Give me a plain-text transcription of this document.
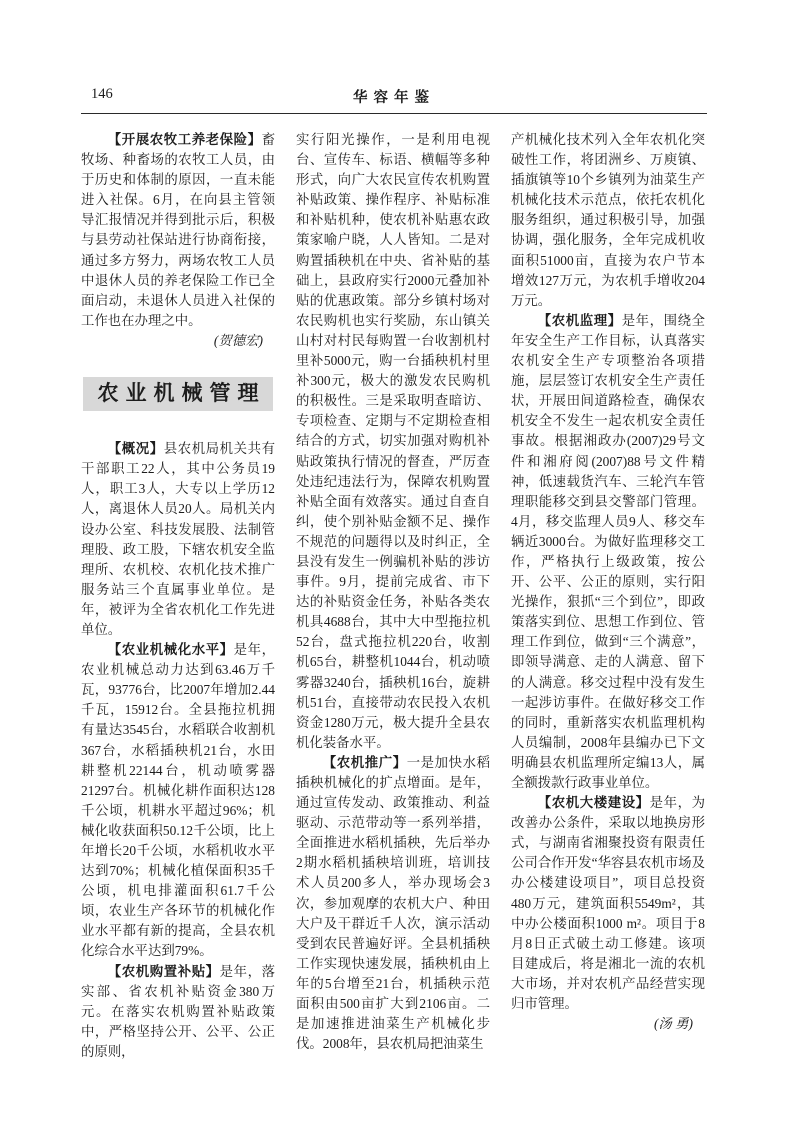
146	华容年鉴

【开展农牧工养老保险】畜牧场、种畜场的农牧工人员，由于历史和体制的原因，一直未能进入社保。6月，在向县主管领导汇报情况并得到批示后，积极与县劳动社保站进行协商衔接，通过多方努力，两场农牧工人员中退休人员的养老保险工作已全面启动，未退休人员进入社保的工作也在办理之中。

(贺德宏)

农业机械管理

【概况】县农机局机关共有干部职工22人，其中公务员19人，职工3人，大专以上学历12人，离退休人员20人。局机关内设办公室、科技发展股、法制管理股、政工股，下辖农机安全监理所、农机校、农机化技术推广服务站三个直属事业单位。是年，被评为全省农机化工作先进单位。

【农业机械化水平】是年，农业机械总动力达到63.46万千瓦，93776台，比2007年增加2.44千瓦，15912台。全县拖拉机拥有量达3545台，水稻联合收割机367台，水稻插秧机21台，水田耕整机22144台，机动喷雾器21297台。机械化耕作面积达128千公顷，机耕水平超过96%；机械化收获面积50.12千公顷，比上年增长20千公顷，水稻机收水平达到70%；机械化植保面积35千公顷，机电排灌面积61.7千公顷，农业生产各环节的机械化作业水平都有新的提高，全县农机化综合水平达到79%。

【农机购置补贴】是年，落实部、省农机补贴资金380万元。在落实农机购置补贴政策中，严格坚持公开、公平、公正的原则，

实行阳光操作，一是利用电视台、宣传车、标语、横幅等多种形式，向广大农民宣传农机购置补贴政策、操作程序、补贴标准和补贴机种，使农机补贴惠农政策家喻户晓，人人皆知。二是对购置插秧机在中央、省补贴的基础上，县政府实行2000元叠加补贴的优惠政策。部分乡镇村场对农民购机也实行奖励，东山镇关山村对村民每购置一台收割机村里补5000元，购一台插秧机村里补300元，极大的激发农民购机的积极性。三是采取明查暗访、专项检查、定期与不定期检查相结合的方式，切实加强对购机补贴政策执行情况的督查，严厉查处违纪违法行为，保障农机购置补贴全面有效落实。通过自查自纠，使个别补贴金额不足、操作不规范的问题得以及时纠正，全县没有发生一例骗机补贴的涉访事件。9月，提前完成省、市下达的补贴资金任务，补贴各类农机具4688台，其中大中型拖拉机52台，盘式拖拉机220台，收割机65台，耕整机1044台，机动喷雾器3240台，插秧机16台，旋耕机51台，直接带动农民投入农机资金1280万元，极大提升全县农机化装备水平。

【农机推广】一是加快水稻插秧机械化的扩点增面。是年，通过宣传发动、政策推动、利益驱动、示范带动等一系列举措，全面推进水稻机插秧，先后举办2期水稻机插秧培训班，培训技术人员200多人，举办现场会3次，参加观摩的农机大户、种田大户及干群近千人次，演示活动受到农民普遍好评。全县机插秧工作实现快速发展，插秧机由上年的5台增至21台，机插秧示范面积由500亩扩大到2106亩。二是加速推进油菜生产机械化步伐。2008年，县农机局把油菜生

产机械化技术列入全年农机化突破性工作，将团洲乡、万庾镇、插旗镇等10个乡镇列为油菜生产机械化技术示范点，依托农机化服务组织，通过积极引导，加强协调，强化服务，全年完成机收面积51000亩，直接为农户节本增效127万元，为农机手增收204万元。

【农机监理】是年，围绕全年安全生产工作目标，认真落实农机安全生产专项整治各项措施，层层签订农机安全生产责任状，开展田间道路检查，确保农机安全不发生一起农机安全责任事故。根据湘政办(2007)29号文件和湘府阅(2007)88号文件精神，低速载货汽车、三轮汽车管理职能移交到县交警部门管理。4月，移交监理人员9人、移交车辆近3000台。为做好监理移交工作，严格执行上级政策，按公开、公平、公正的原则，实行阳光操作，狠抓“三个到位”，即政策落实到位、思想工作到位、管理工作到位，做到“三个满意”，即领导满意、走的人满意、留下的人满意。移交过程中没有发生一起涉访事件。在做好移交工作的同时，重新落实农机监理机构人员编制，2008年县编办已下文明确县农机监理所定编13人，属全额拨款行政事业单位。

【农机大楼建设】是年，为改善办公条件，采取以地换房形式，与湖南省湘聚投资有限责任公司合作开发“华容县农机市场及办公楼建设项目”，项目总投资480万元，建筑面积5549m²，其中办公楼面积1000 m²。项目于8月8日正式破土动工修建。该项目建成后，将是湘北一流的农机大市场，并对农机产品经营实现归市管理。

(汤 勇)
